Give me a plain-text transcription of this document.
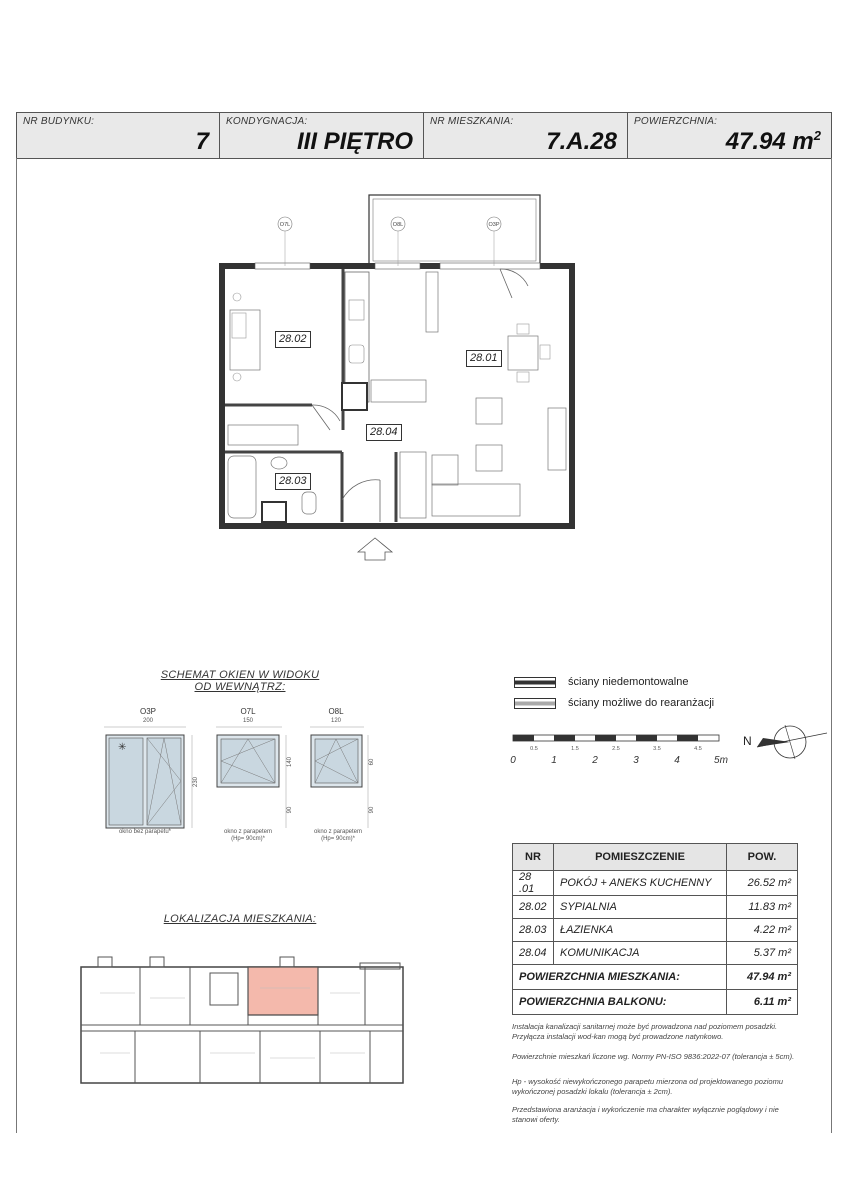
NR BUDYNKU:
7
KONDYGNACJA:
III PIĘTRO
NR MIESZKANIA:
7.A.28
POWIERZCHNIA:
47.94 $m^2$
O7L	O8L	O3P
28.02
28.01
28.04
28.03
SCHEMAT OKIEN W WIDOKU
OD WEWNĄTRZ:
O3P
200
O7L
150
O8L
120
✳
230
140
90
60
90
okno bez parapetu*	okno z parapetem
(Hp= 90cm)*
okno z parapetem
(Hp= 90cm)*
LOKALIZACJA MIESZKANIA:
ściany niedemontowalne
ściany możliwe do rearanżacji
0.5	1.5	2.5	3.5	4.5
0	1	2	3	4	5m
N
NR	POMIESZCZENIE	POW.
28 .01	POKÓJ + ANEKS KUCHENNY	26.52 m²
28.02	SYPIALNIA	11.83 m²
28.03	ŁAZIENKA	4.22 m²
28.04	KOMUNIKACJA	5.37 m²
POWIERZCHNIA MIESZKANIA:		47.94 m²
POWIERZCHNIA BALKONU:		6.11 m²
Instalacja kanalizacji sanitarnej może być prowadzona nad poziomem posadzki. Przyłącza instalacji wod-kan mogą być prowadzone natynkowo.
Powierzchnie mieszkań liczone wg. Normy PN-ISO 9836:2022-07 (tolerancja ± 5cm).
Hp - wysokość niewykończonego parapetu mierzona od projektowanego poziomu wykończonej posadzki lokalu (tolerancja ± 2cm).
Przedstawiona aranżacja i wykończenie ma charakter wyłącznie poglądowy i nie stanowi oferty.
